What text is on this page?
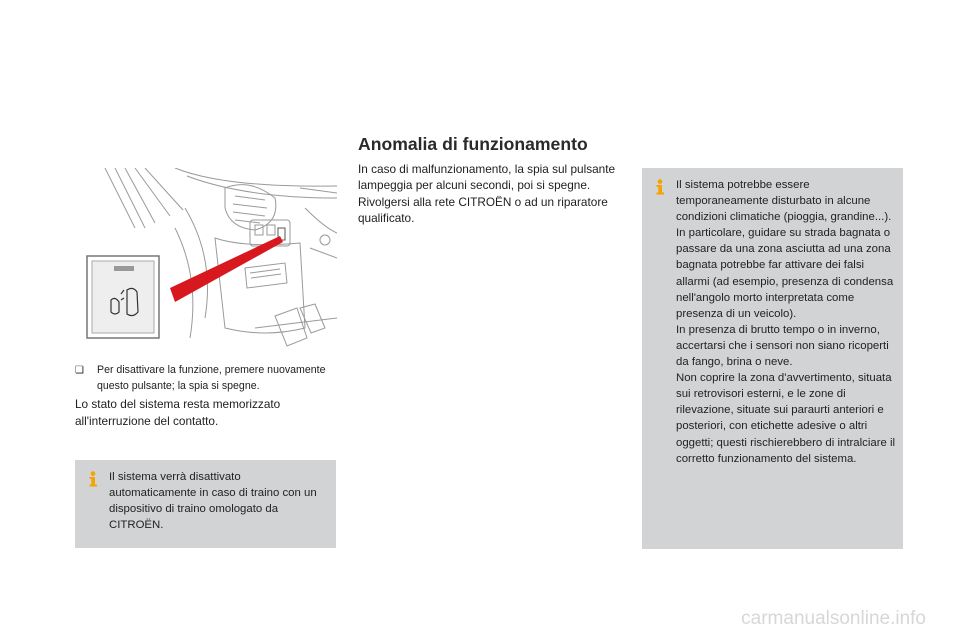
❏	Per disattivare la funzione, premere nuovamente questo pulsante; la spia si spegne.
Lo stato del sistema resta memorizzato all'interruzione del contatto.
Il sistema verrà disattivato automaticamente in caso di traino con un dispositivo di traino omologato da CITROËN.
Anomalia di funzionamento
In caso di malfunzionamento, la spia sul pulsante lampeggia per alcuni secondi, poi si spegne.
Rivolgersi alla rete CITROËN o ad un riparatore qualificato.
Il sistema potrebbe essere temporaneamente disturbato in alcune condizioni climatiche (pioggia, grandine...).
In particolare, guidare su strada bagnata o passare da una zona asciutta ad una zona bagnata potrebbe far attivare dei falsi allarmi (ad esempio, presenza di condensa nell'angolo morto interpretata come presenza di un veicolo).
In presenza di brutto tempo o in inverno, accertarsi che i sensori non siano ricoperti da fango, brina o neve.
Non coprire la zona d'avvertimento, situata sui retrovisori esterni, e le zone di rilevazione, situate sui paraurti anteriori e posteriori, con etichette adesive o altri oggetti; questi rischierebbero di intralciare il corretto funzionamento del sistema.
carmanualsonline.info
